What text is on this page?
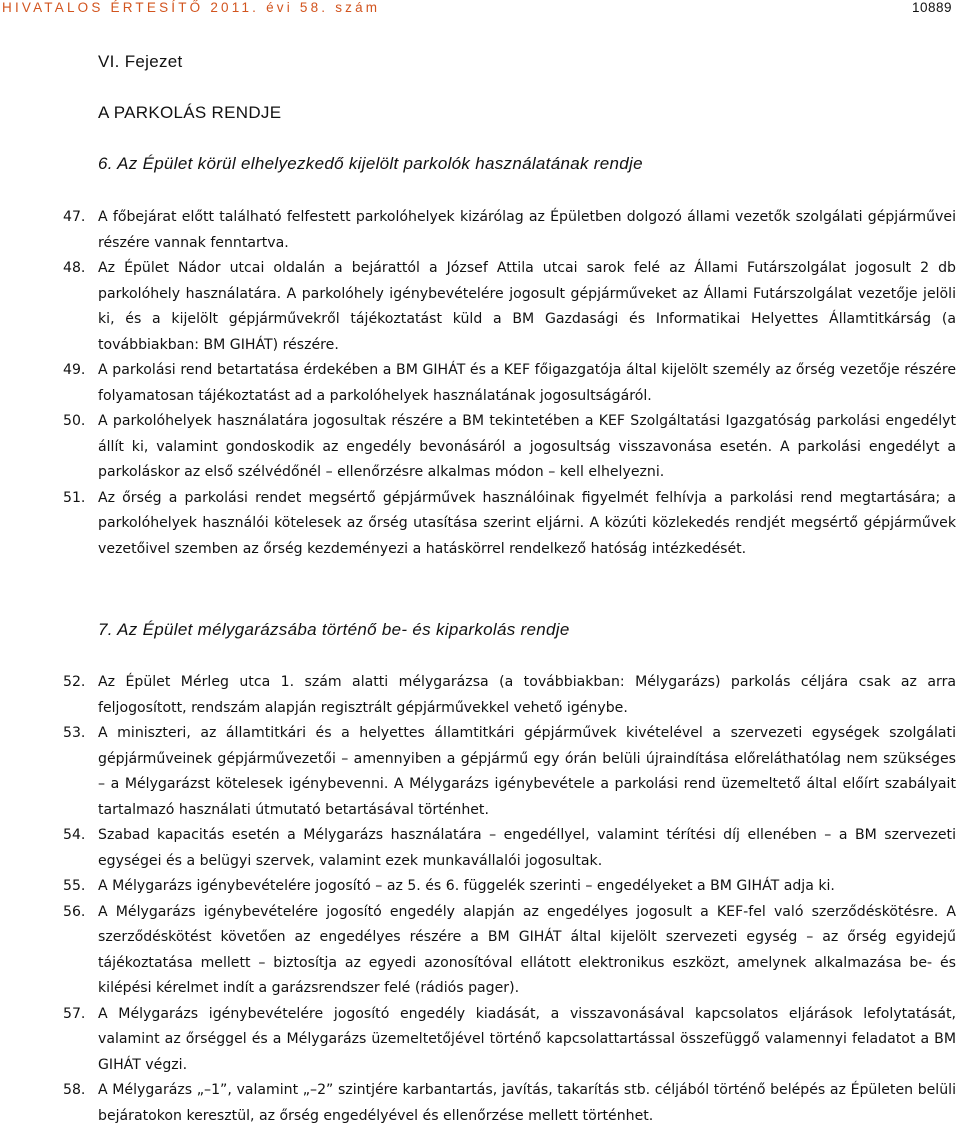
HIVATALOS ÉRTESÍTŐ 2011. évi 58. szám	10889
VI. Fejezet
A PARKOLÁS RENDJE
6. Az Épület körül elhelyezkedő kijelölt parkolók használatának rendje
47. A főbejárat előtt található felfestett parkolóhelyek kizárólag az Épületben dolgozó állami vezetők szolgálati gépjárművei részére vannak fenntartva.
48. Az Épület Nádor utcai oldalán a bejárattól a József Attila utcai sarok felé az Állami Futárszolgálat jogosult 2 db parkolóhely használatára. A parkolóhely igénybevételére jogosult gépjárműveket az Állami Futárszolgálat vezetője jelöli ki, és a kijelölt gépjárművekről tájékoztatást küld a BM Gazdasági és Informatikai Helyettes Államtitkárság (a továbbiakban: BM GIHÁT) részére.
49. A parkolási rend betartatása érdekében a BM GIHÁT és a KEF főigazgatója által kijelölt személy az őrség vezetője részére folyamatosan tájékoztatást ad a parkolóhelyek használatának jogosultságáról.
50. A parkolóhelyek használatára jogosultak részére a BM tekintetében a KEF Szolgáltatási Igazgatóság parkolási engedélyt állít ki, valamint gondoskodik az engedély bevonásáról a jogosultság visszavonása esetén. A parkolási engedélyt a parkoláskor az első szélvédőnél – ellenőrzésre alkalmas módon – kell elhelyezni.
51. Az őrség a parkolási rendet megsértő gépjárművek használóinak figyelmét felhívja a parkolási rend megtartására; a parkolóhelyek használói kötelesek az őrség utasítása szerint eljárni. A közúti közlekedés rendjét megsértő gépjárművek vezetőivel szemben az őrség kezdeményezi a hatáskörrel rendelkező hatóság intézkedését.
7. Az Épület mélygarázsába történő be- és kiparkolás rendje
52. Az Épület Mérleg utca 1. szám alatti mélygarázsa (a továbbiakban: Mélygarázs) parkolás céljára csak az arra feljogosított, rendszám alapján regisztrált gépjárművekkel vehető igénybe.
53. A miniszteri, az államtitkári és a helyettes államtitkári gépjárművek kivételével a szervezeti egységek szolgálati gépjárműveinek gépjárművezetői – amennyiben a gépjármű egy órán belüli újraindítása előreláthatólag nem szükséges – a Mélygarázst kötelesek igénybevenni. A Mélygarázs igénybevétele a parkolási rend üzemeltető által előírt szabályait tartalmazó használati útmutató betartásával történhet.
54. Szabad kapacitás esetén a Mélygarázs használatára – engedéllyel, valamint térítési díj ellenében – a BM szervezeti egységei és a belügyi szervek, valamint ezek munkavállalói jogosultak.
55. A Mélygarázs igénybevételére jogosító – az 5. és 6. függelék szerinti – engedélyeket a BM GIHÁT adja ki.
56. A Mélygarázs igénybevételére jogosító engedély alapján az engedélyes jogosult a KEF-fel való szerződéskötésre. A szerződéskötést követően az engedélyes részére a BM GIHÁT által kijelölt szervezeti egység – az őrség egyidejű tájékoztatása mellett – biztosítja az egyedi azonosítóval ellátott elektronikus eszközt, amelynek alkalmazása be- és kilépési kérelmet indít a garázsrendszer felé (rádiós pager).
57. A Mélygarázs igénybevételére jogosító engedély kiadását, a visszavonásával kapcsolatos eljárások lefolytatását, valamint az őrséggel és a Mélygarázs üzemeltetőjével történő kapcsolattartással összefüggő valamennyi feladatot a BM GIHÁT végzi.
58. A Mélygarázs „–1”, valamint „–2” szintjére karbantartás, javítás, takarítás stb. céljából történő belépés az Épületen belüli bejáratokon keresztül, az őrség engedélyével és ellenőrzése mellett történhet.
